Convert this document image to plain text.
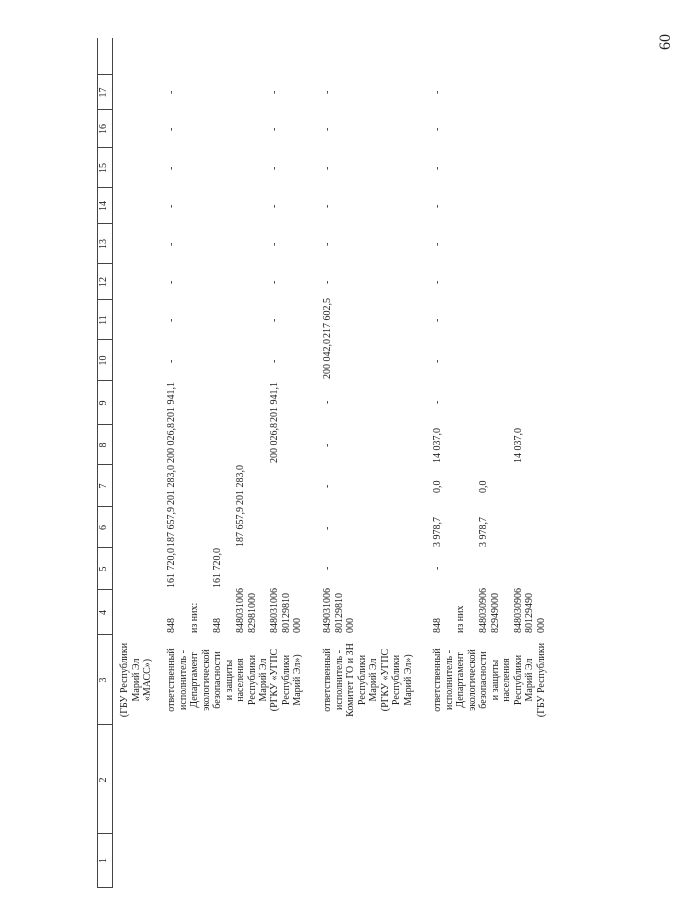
60
1
2
3
4
5
6
7
8
9
10
11
12
13
14
15
16
17
(ГБУ Республики
Марий Эл
«МАСС») ответственный
исполнитель -
Департамент
экологической
безопасности
и защиты
населения
Республики
Марий Эл
848

из них:

848

848031006
82981000
161 720,0

161 720,0
187 657,9

187 657,9
201 283,0

201 283,0
200 026,8
201 941,1
-
-
-
-
-
-
-
-
(РГКУ «УГПС
Республики
Марий Эл»)
848031006
80129810
000
200 026,8
201 941,1
-
-
-
-
-
-
-
-
ответственный
исполнитель -
Комитет ГО и ЗН
Республики
Марий Эл
(РГКУ «УГПС
Республики
Марий Эл»)
849031006
80129810
000
-
-
-
-
-
200 042,0
217 602,5
-
-
-
-
-
-
ответственный
исполнитель -
Департамент
экологической
безопасности
и защиты
населения
Республики
Марий Эл
(ГБУ Республики
848

из них

848030906
82949000

848030906
80129490
000
-
3 978,7

3 978,7
0,0

0,0
14 037,0

14 037,0
-
-
-
-
-
-
-
-
-
